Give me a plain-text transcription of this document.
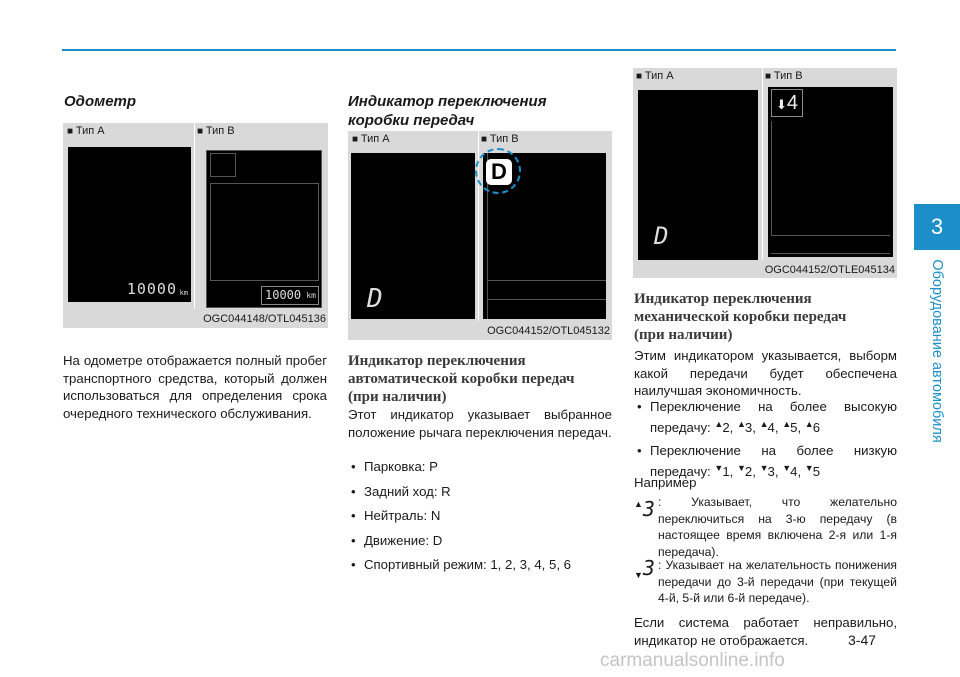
3
Оборудование автомобиля
Одометр
■ Тип А	■ Тип В
10000 km	10000 km
OGC044148/OTL045136
На одометре отображается полный пробег транспортного средства, который должен использоваться для определения срока очередного технического обслуживания.
Индикатор переключения
коробки передач
■ Тип А	■ Тип В
D
D
OGC044152/OTL045132
Индикатор переключения
автоматической коробки передач
(при наличии)
Этот индикатор указывает выбранное положение рычага переключения передач.
• Парковка: P
• Задний ход: R
• Нейтраль: N
• Движение: D
• Спортивный режим: 1, 2, 3, 4, 5, 6
■ Тип А	■ Тип В
D
⬇4
OGC044152/OTLE045134
Индикатор переключения
механической коробки передач
(при наличии)
Этим индикатором указывается, выборм какой передачи будет обеспечена наилучшая экономичность.
• Переключение на более высокую передачу: ▲2, ▲3, ▲4, ▲5, ▲6
• Переключение на более низкую передачу: ▼1, ▼2, ▼3, ▼4, ▼5
Например
▲3 : Указывает, что желательно переключиться на 3-ю передачу (в настоящее время включена 2-я или 1-я передача).
▼3 : Указывает на желательность понижения передачи до 3-й передачи (при текущей 4-й, 5-й или 6-й передаче).
Если система работает неправильно, индикатор не отображается.	3-47
carmanualsonline.info
